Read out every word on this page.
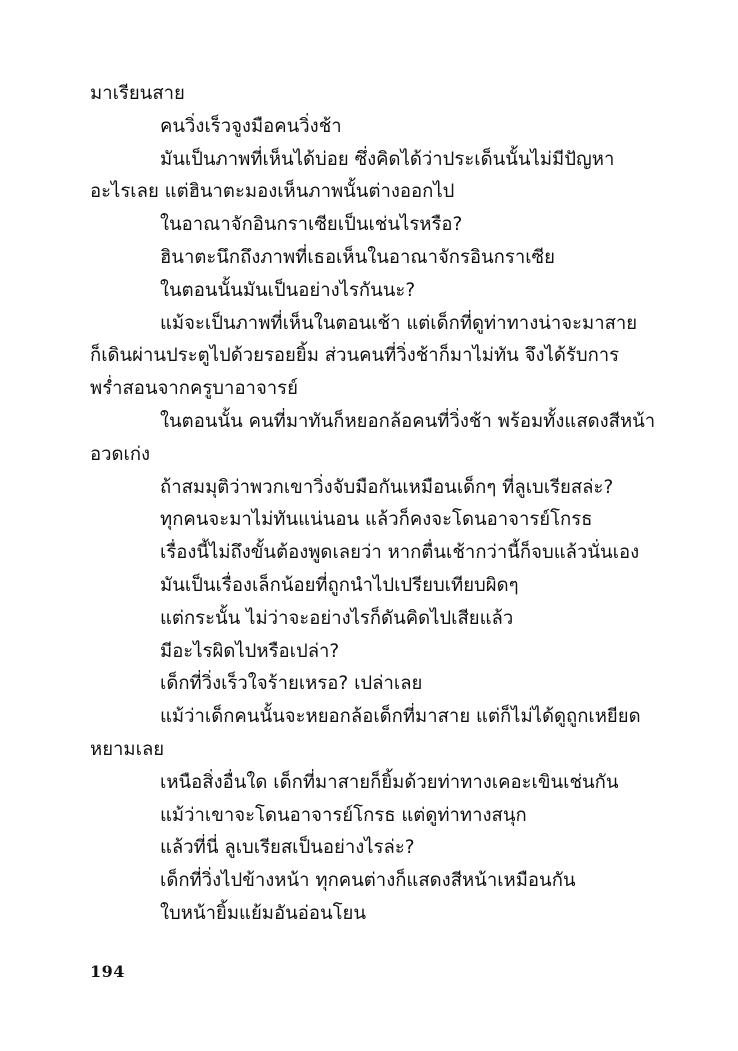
มาเรียนสาย
คนวิ่งเร็วจูงมือคนวิ่งช้า
มันเป็นภาพที่เห็นได้บ่อย ซึ่งคิดได้ว่าประเด็นนั้นไม่มีปัญหา
อะไรเลย แต่ฮินาตะมองเห็นภาพนั้นต่างออกไป
ในอาณาจักอินกราเซียเป็นเช่นไรหรือ?
ฮินาตะนึกถึงภาพที่เธอเห็นในอาณาจักรอินกราเซีย
ในตอนนั้นมันเป็นอย่างไรกันนะ?
แม้จะเป็นภาพที่เห็นในตอนเช้า แต่เด็กที่ดูท่าทางน่าจะมาสาย
ก็เดินผ่านประตูไปด้วยรอยยิ้ม ส่วนคนที่วิ่งช้าก็มาไม่ทัน จึงได้รับการ
พร่ำสอนจากครูบาอาจารย์
ในตอนนั้น คนที่มาทันก็หยอกล้อคนที่วิ่งช้า พร้อมทั้งแสดงสีหน้า
อวดเก่ง
ถ้าสมมุติว่าพวกเขาวิ่งจับมือกันเหมือนเด็กๆ ที่ลูเบเรียสล่ะ?
ทุกคนจะมาไม่ทันแน่นอน แล้วก็คงจะโดนอาจารย์โกรธ
เรื่องนี้ไม่ถึงขั้นต้องพูดเลยว่า หากตื่นเช้ากว่านี้ก็จบแล้วนั่นเอง
มันเป็นเรื่องเล็กน้อยที่ถูกนำไปเปรียบเทียบผิดๆ
แต่กระนั้น ไม่ว่าจะอย่างไรก็ดันคิดไปเสียแล้ว
มีอะไรผิดไปหรือเปล่า?
เด็กที่วิ่งเร็วใจร้ายเหรอ? เปล่าเลย
แม้ว่าเด็กคนนั้นจะหยอกล้อเด็กที่มาสาย แต่ก็ไม่ได้ดูถูกเหยียด
หยามเลย
เหนือสิ่งอื่นใด เด็กที่มาสายก็ยิ้มด้วยท่าทางเคอะเขินเช่นกัน
แม้ว่าเขาจะโดนอาจารย์โกรธ แต่ดูท่าทางสนุก
แล้วที่นี่ ลูเบเรียสเป็นอย่างไรล่ะ?
เด็กที่วิ่งไปข้างหน้า ทุกคนต่างก็แสดงสีหน้าเหมือนกัน
ใบหน้ายิ้มแย้มอันอ่อนโยน
194
